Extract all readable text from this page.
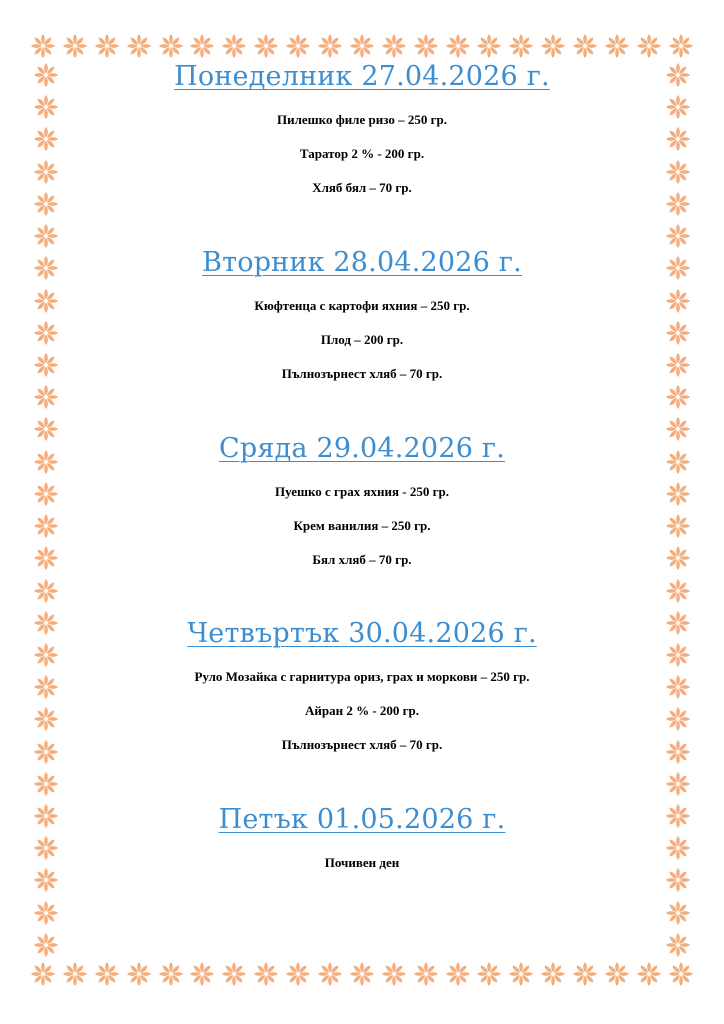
Понеделник 27.04.2026 г.
Пилешко филе ризо – 250 гр.
Таратор 2 % - 200 гр.
Хляб бял – 70 гр.
Вторник 28.04.2026 г.
Кюфтенца с картофи яхния – 250 гр.
Плод – 200 гр.
Пълнозърнест хляб – 70 гр.
Сряда 29.04.2026 г.
Пуешко с грах яхния - 250 гр.
Крем ванилия – 250 гр.
Бял хляб – 70 гр.
Четвъртък 30.04.2026 г.
Руло Мозайка с гарнитура ориз, грах и моркови – 250 гр.
Айран 2 % - 200 гр.
Пълнозърнест хляб – 70 гр.
Петък 01.05.2026 г.
Почивен ден
